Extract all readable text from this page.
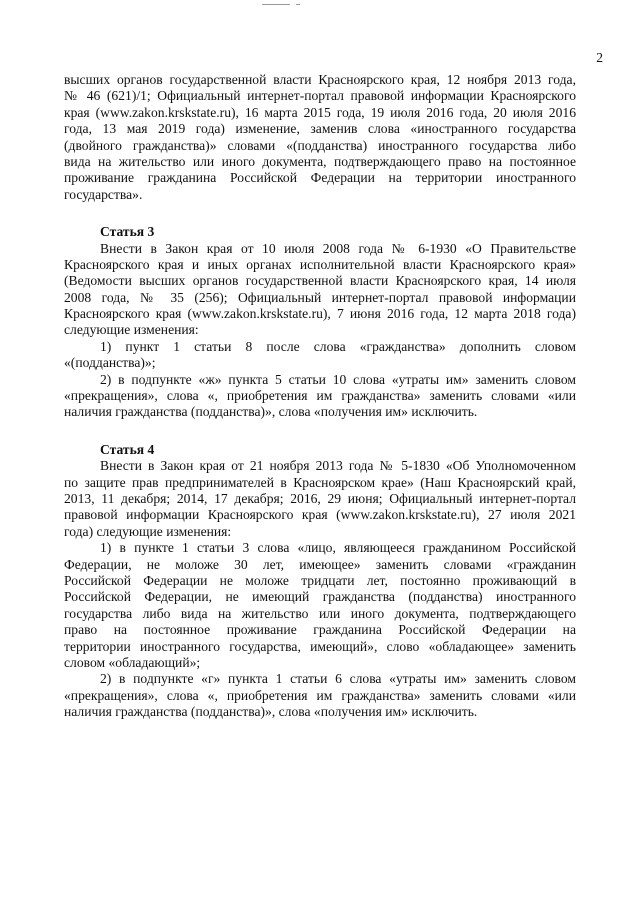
2
высших органов государственной власти Красноярского края, 12 ноября 2013 года,
№ 46 (621)/1; Официальный интернет-портал правовой информации Красноярского
края (www.zakon.krskstate.ru), 16 марта 2015 года, 19 июля 2016 года, 20 июля 2016
года, 13 мая 2019 года) изменение, заменив слова «иностранного государства
(двойного гражданства)» словами «(подданства) иностранного государства либо
вида на жительство или иного документа, подтверждающего право на постоянное
проживание гражданина Российской Федерации на территории иностранного
государства».
Статья 3
Внести в Закон края от 10 июля 2008 года № 6-1930 «О Правительстве
Красноярского края и иных органах исполнительной власти Красноярского края»
(Ведомости высших органов государственной власти Красноярского края, 14 июля
2008 года, № 35 (256); Официальный интернет-портал правовой информации
Красноярского края (www.zakon.krskstate.ru), 7 июня 2016 года, 12 марта 2018 года)
следующие изменения:
1) пункт 1 статьи 8 после слова «гражданства» дополнить словом
«(подданства)»;
2) в подпункте «ж» пункта 5 статьи 10 слова «утраты им» заменить словом
«прекращения», слова «, приобретения им гражданства» заменить словами «или
наличия гражданства (подданства)», слова «получения им» исключить.
Статья 4
Внести в Закон края от 21 ноября 2013 года № 5-1830 «Об Уполномоченном
по защите прав предпринимателей в Красноярском крае» (Наш Красноярский край,
2013, 11 декабря; 2014, 17 декабря; 2016, 29 июня; Официальный интернет-портал
правовой информации Красноярского края (www.zakon.krskstate.ru), 27 июля 2021
года) следующие изменения:
1) в пункте 1 статьи 3 слова «лицо, являющееся гражданином Российской
Федерации, не моложе 30 лет, имеющее» заменить словами «гражданин
Российской Федерации не моложе тридцати лет, постоянно проживающий в
Российской Федерации, не имеющий гражданства (подданства) иностранного
государства либо вида на жительство или иного документа, подтверждающего
право на постоянное проживание гражданина Российской Федерации на
территории иностранного государства, имеющий», слово «обладающее» заменить
словом «обладающий»;
2) в подпункте «г» пункта 1 статьи 6 слова «утраты им» заменить словом
«прекращения», слова «, приобретения им гражданства» заменить словами «или
наличия гражданства (подданства)», слова «получения им» исключить.
